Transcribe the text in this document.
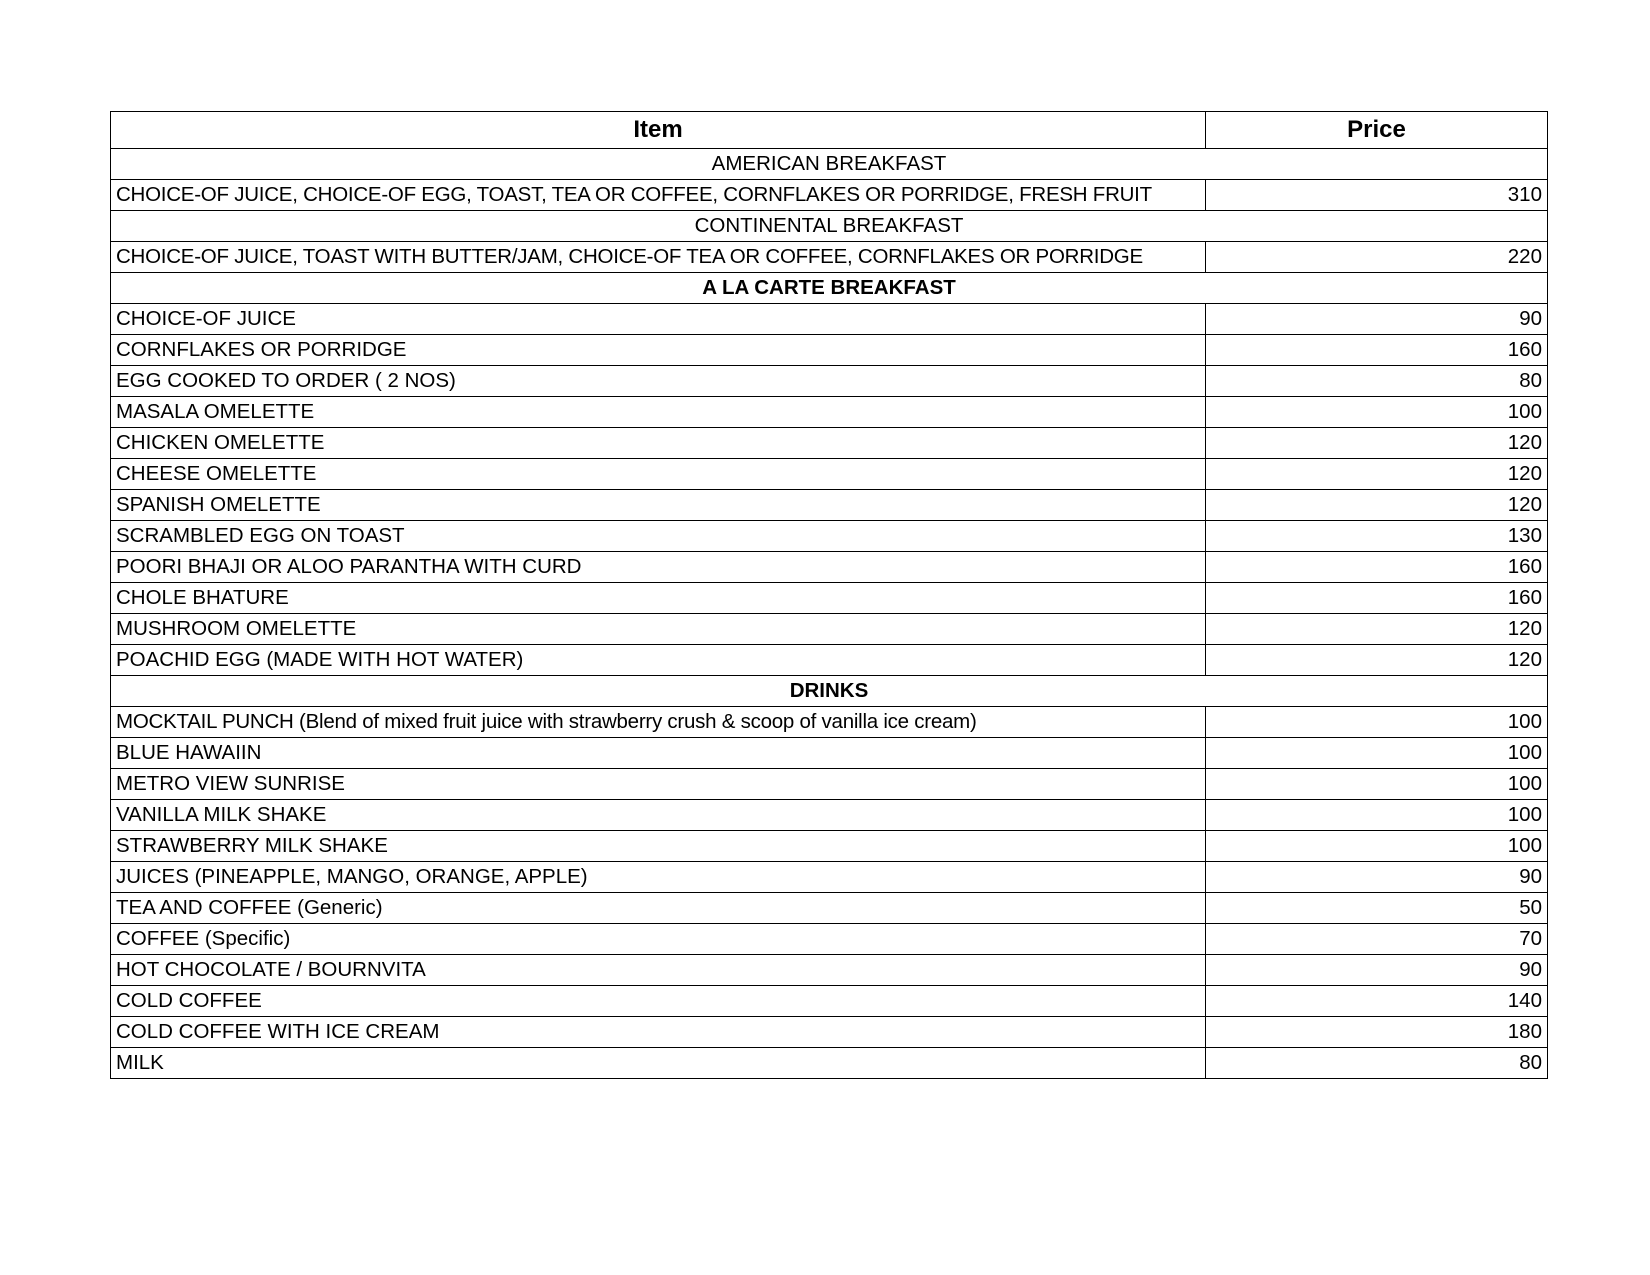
Item	Price
AMERICAN BREAKFAST	
CHOICE-OF JUICE, CHOICE-OF EGG, TOAST, TEA OR COFFEE, CORNFLAKES OR PORRIDGE, FRESH FRUIT	310
CONTINENTAL BREAKFAST	
CHOICE-OF JUICE, TOAST WITH BUTTER/JAM, CHOICE-OF TEA OR COFFEE, CORNFLAKES OR PORRIDGE	220
A LA CARTE BREAKFAST	
CHOICE-OF JUICE	90
CORNFLAKES OR PORRIDGE	160
EGG COOKED TO ORDER ( 2 NOS)	80
MASALA OMELETTE	100
CHICKEN OMELETTE	120
CHEESE OMELETTE	120
SPANISH OMELETTE	120
SCRAMBLED EGG ON TOAST	130
POORI BHAJI OR ALOO PARANTHA WITH CURD	160
CHOLE BHATURE	160
MUSHROOM OMELETTE	120
POACHID EGG (MADE WITH HOT WATER)	120
DRINKS	
MOCKTAIL PUNCH (Blend of mixed fruit juice with strawberry crush & scoop of vanilla ice cream)	100
BLUE HAWAIIN	100
METRO VIEW SUNRISE	100
VANILLA MILK SHAKE	100
STRAWBERRY MILK SHAKE	100
JUICES (PINEAPPLE, MANGO, ORANGE, APPLE)	90
TEA AND COFFEE (Generic)	50
COFFEE (Specific)	70
HOT CHOCOLATE / BOURNVITA	90
COLD COFFEE	140
COLD COFFEE WITH ICE CREAM	180
MILK	80
